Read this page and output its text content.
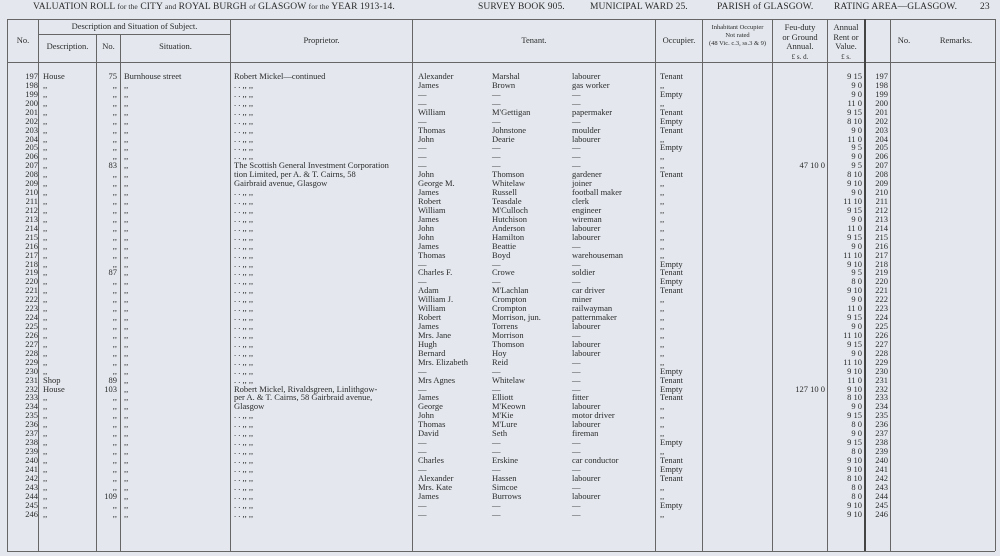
VALUATION ROLL for the CITY and ROYAL BURGH of GLASGOW for the YEAR 1913-14.	SURVEY BOOK 905.	MUNICIPAL WARD 25.	PARISH of GLASGOW. RATING AREA—GLASGOW. 23
No.
Description and Situation of Subject.
Description.	No.	Situation.
Proprietor.	Tenant.	Occupier.
Inhabitant Occupier
Not rated
(48 Vic. c.3, ss.3 & 9)
Feu-duty
or Ground
Annual.
£ s. d.
Annual
Rent or
Value.
£ s.
No.	Remarks.
197 House	75 Burnhouse street	Robert Mickel—continued	Alexander	Marshal	labourer	Tenant	9 15	197
198 ,,	,, ,,	. . ,, ,,	James	Brown	gas worker	,,	9 0	198
199 ,,	,, ,,	. . ,, ,,	—	—	—	Empty	9 0	199
200 ,,	,, ,,	. . ,, ,,	—	—	—	,,	11 0	200
201 ,,	,, ,,	. . ,, ,,	William	M'Gettigan	papermaker	Tenant	9 15	201
202 ,,	,, ,,	. . ,, ,,	—	—	—	Empty	8 10	202
203 ,,	,, ,,	. . ,, ,,	Thomas	Johnstone	moulder	Tenant	9 0	203
204 ,,	,, ,,	. . ,, ,,	John	Dearie	labourer	,,	11 0	204
205 ,,	,, ,,	. . ,, ,,	—	—	—	Empty	9 5	205
206 ,,	,, ,,	. . ,, ,,	—	—	—	,,	9 0	206
207 ,,	83 ,,	The Scottish General Investment Corporation	—	—	—	,,	47 10 0	9 5	207
208 ,,	,, ,,	tion Limited, per A. & T. Cairns, 58	John	Thomson	gardener	Tenant	8 10	208
209 ,,	,, ,,	Gairbraid avenue, Glasgow	George M.	Whitelaw	joiner	,,	9 10	209
210 ,,	,, ,,	. . ,, ,,	James	Russell	football maker	,,	9 0	210
211 ,,	,, ,,	. . ,, ,,	Robert	Teasdale	clerk	,,	11 10	211
212 ,,	,, ,,	. . ,, ,,	William	M'Culloch	engineer	,,	9 15	212
213 ,,	,, ,,	. . ,, ,,	James	Hutchison	wireman	,,	9 0	213
214 ,,	,, ,,	. . ,, ,,	John	Anderson	labourer	,,	11 0	214
215 ,,	,, ,,	. . ,, ,,	John	Hamilton	labourer	,,	9 15	215
216 ,,	,, ,,	. . ,, ,,	James	Beattie	—	,,	9 0	216
217 ,,	,, ,,	. . ,, ,,	Thomas	Boyd	warehouseman	,,	11 10	217
218 ,,	,, ,,	. . ,, ,,	—	—	—	Empty	9 10	218
219 ,,	87 ,,	. . ,, ,,	Charles F.	Crowe	soldier	Tenant	9 5	219
220 ,,	,, ,,	. . ,, ,,	—	—	—	Empty	8 0	220
221 ,,	,, ,,	. . ,, ,,	Adam	M'Lachlan	car driver	Tenant	9 10	221
222 ,,	,, ,,	. . ,, ,,	William J.	Crompton	miner	,,	9 0	222
223 ,,	,, ,,	. . ,, ,,	William	Crompton	railwayman	,,	11 0	223
224 ,,	,, ,,	. . ,, ,,	Robert	Morrison, jun.	patternmaker	,,	9 15	224
225 ,,	,, ,,	. . ,, ,,	James	Torrens	labourer	,,	9 0	225
226 ,,	,, ,,	. . ,, ,,	Mrs. Jane	Morrison	—	,,	11 10	226
227 ,,	,, ,,	. . ,, ,,	Hugh	Thomson	labourer	,,	9 15	227
228 ,,	,, ,,	. . ,, ,,	Bernard	Hoy	labourer	,,	9 0	228
229 ,,	,, ,,	. . ,, ,,	Mrs. Elizabeth	Reid	—	,,	11 10	229
230 ,,	,, ,,	. . ,, ,,	—	—	—	Empty	9 10	230
231 Shop	89 ,,	. . ,, ,,	Mrs Agnes	Whitelaw	—	Tenant	11 0	231
232 House	103 ,,	Robert Mickel, Rivaldsgreen, Linlithgow-	—	—	—	Empty	127 10 0	9 10	232
233 ,,	,, ,,	per A. & T. Cairns, 58 Gairbraid avenue,	James	Elliott	fitter	Tenant	8 10	233
234 ,,	,, ,,	Glasgow	George	M'Keown	labourer	,,	9 0	234
235 ,,	,, ,,	. . ,, ,,	John	M'Kie	motor driver	,,	9 15	235
236 ,,	,, ,,	. . ,, ,,	Thomas	M'Lure	labourer	,,	8 0	236
237 ,,	,, ,,	. . ,, ,,	David	Seth	fireman	,,	9 0	237
238 ,,	,, ,,	. . ,, ,,	—	—	—	Empty	9 15	238
239 ,,	,, ,,	. . ,, ,,	—	—	—	,,	8 0	239
240 ,,	,, ,,	. . ,, ,,	Charles	Erskine	car conductor	Tenant	9 10	240
241 ,,	,, ,,	. . ,, ,,	—	—	—	Empty	9 10	241
242 ,,	,, ,,	. . ,, ,,	Alexander	Hassen	labourer	Tenant	8 10	242
243 ,,	,, ,,	. . ,, ,,	Mrs. Kate	Simcoe	—	,,	8 0	243
244 ,,	109 ,,	. . ,, ,,	James	Burrows	labourer	,,	8 0	244
245 ,,	,, ,,	. . ,, ,,	—	—	—	Empty	9 10	245
246 ,,	,, ,,	. . ,, ,,	—	—	—	,,	9 10	246
